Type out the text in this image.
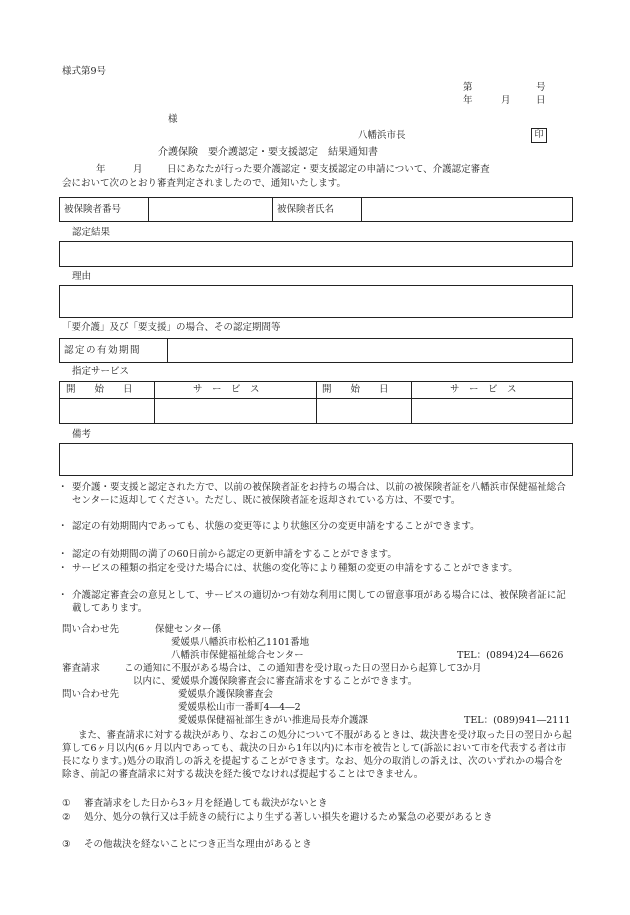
様式第9号
第	号
年	月	日
様
八幡浜市長	印
介護保険　要介護認定・要支援認定　結果通知書
年	月	日にあなたが行った要介護認定・要支援認定の申請について、介護認定審査
会において次のとおり審査判定されましたので、通知いたします。
被保険者番号	被保険者氏名
認定結果
理由
「要介護」及び「要支援」の場合、その認定期間等
認定の有効期間
指定サービス
開　　始　　日	サ　ー　ビ　ス	開　　始　　日	サ　ー　ビ　ス
備考
・ 要介護・要支援と認定された方で、以前の被保険者証をお持ちの場合は、以前の被保険者証を八幡浜市保健福祉総合センターに返却してください。ただし、既に被保険者証を返却されている方は、不要です。
・ 認定の有効期間内であっても、状態の変更等により状態区分の変更申請をすることができます。
・ 認定の有効期間の満了の60日前から認定の更新申請をすることができます。
・ サービスの種類の指定を受けた場合には、状態の変化等により種類の変更の申請をすることができます。
・ 介護認定審査会の意見として、サービスの適切かつ有効な利用に関しての留意事項がある場合には、被保険者証に記載してあります。
問い合わせ先	保健センター係
愛媛県八幡浜市松柏乙1101番地
八幡浜市保健福祉総合センター	TEL：(0894)24―6626
審査請求	この通知に不服がある場合は、この通知書を受け取った日の翌日から起算して3か月
以内に、愛媛県介護保険審査会に審査請求をすることができます。
問い合わせ先	愛媛県介護保険審査会
愛媛県松山市一番町4―4―2
愛媛県保健福祉部生きがい推進局長寿介護課	TEL：(089)941―2111
また、審査請求に対する裁決があり、なおこの処分について不服があるときは、裁決書を受け取った日の翌日から起算して6ヶ月以内(6ヶ月以内であっても、裁決の日から1年以内)に本市を被告として(訴訟において市を代表する者は市長になります。)処分の取消しの訴えを提起することができます。なお、処分の取消しの訴えは、次のいずれかの場合を除き、前記の審査請求に対する裁決を経た後でなければ提起することはできません。
①	審査請求をした日から3ヶ月を経過しても裁決がないとき
②	処分、処分の執行又は手続きの続行により生ずる著しい損失を避けるため緊急の必要があるとき
③	その他裁決を経ないことにつき正当な理由があるとき
